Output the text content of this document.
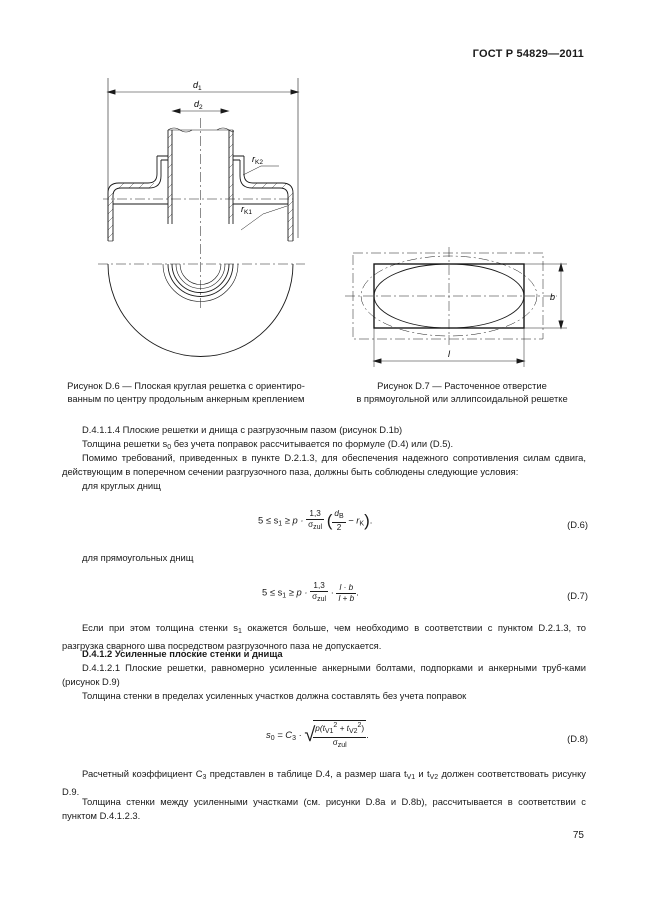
ГОСТ Р 54829—2011
$d_1$
$d_2$
$r_{K2}$
$r_{K1}$
b
l
Рисунок D.6 — Плоская круглая решетка с ориентиро-
ванным по центру продольным анкерным креплением
Рисунок D.7 — Расточенное отверстие
в прямоугольной или эллипсоидальной решетке
D.4.1.1.4 Плоские решетки и днища с разгрузочным пазом (рисунок D.1b)
Толщина решетки $s_0$ без учета поправок рассчитывается по формуле (D.4) или (D.5).
Помимо требований, приведенных в пункте D.2.1.3, для обеспечения надежного сопротивления силам сдвига, действующим в поперечном сечении разгрузочного паза, должны быть соблюдены следующие условия:
для круглых днищ
$5 \le s_1 \ge p \cdot \frac{1,3}{\sigma_{zul}}$ ( $\frac{d_B}{2} - r_K$).	(D.6)
для прямоугольных днищ
$5 \le s_1 \ge p \cdot \frac{1,3}{\sigma_{zul}} \cdot \frac{l \cdot b}{l + b}$ .	(D.7)
Если при этом толщина стенки $s_1$ окажется больше, чем необходимо в соответствии с пунктом D.2.1.3, то разгрузка сварного шва посредством разгрузочного паза не допускается.
D.4.1.2 Усиленные плоские стенки и днища
D.4.1.2.1 Плоские решетки, равномерно усиленные анкерными болтами, подпорками и анкерными труб-ками (рисунок D.9)
Толщина стенки в пределах усиленных участков должна составлять без учета поправок
$s_0 = C_3$ · √
$\frac{p(t_{V1}^2 + t_{V2}^2)}{\sigma_{zul}}$ .	(D.8)
Расчетный коэффициент $C_3$ представлен в таблице D.4, а размер шага $t_{V1}$ и $t_{V2}$ должен соответствовать рисунку D.9.
Толщина стенки между усиленными участками (см. рисунки D.8а и D.8b), рассчитывается в соответствии с пунктом D.4.1.2.3.
75
